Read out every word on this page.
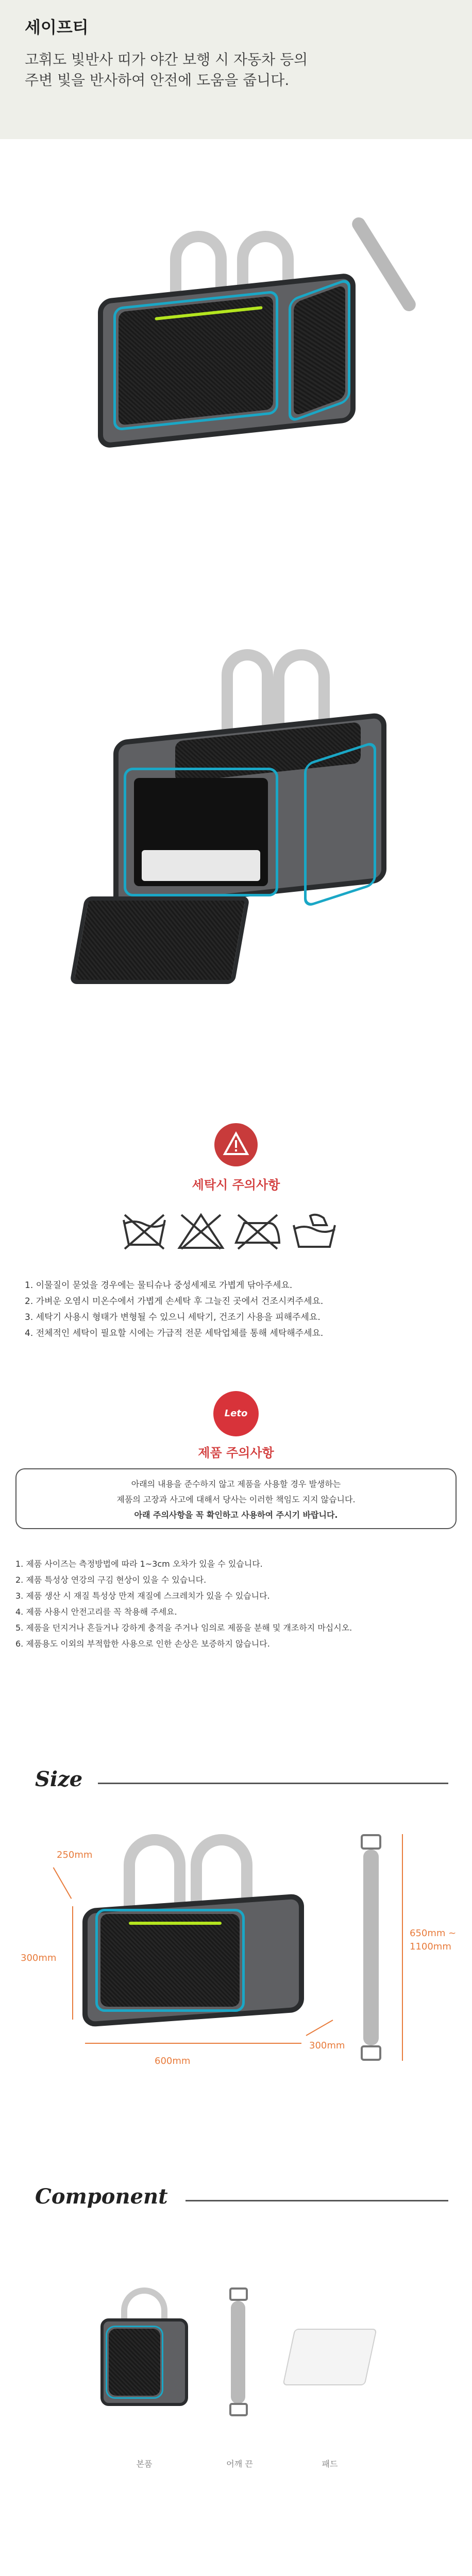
세이프티
고휘도 빛반사 띠가 야간 보행 시 자동차 등의
주변 빛을 반사하여 안전에 도움을 줍니다.
세탁시 주의사항
1. 이물질이 묻었을 경우에는 물티슈나 중성세제로 가볍게 닦아주세요.
2. 가벼운 오염시 미온수에서 가볍게 손세탁 후 그늘진 곳에서 건조시켜주세요.
3. 세탁기 사용시 형태가 변형될 수 있으니 세탁기, 건조기 사용을 피해주세요.
4. 전체적인 세탁이 필요할 시에는 가급적 전문 세탁업체를 통해 세탁해주세요.
Leto
제품 주의사항
아래의 내용을 준수하지 않고 제품을 사용할 경우 발생하는
제품의 고장과 사고에 대해서 당사는 이러한 책임도 지지 않습니다.
아래 주의사항을 꼭 확인하고 사용하여 주시기 바랍니다.
1. 제품 사이즈는 측정방법에 따라 1~3cm 오차가 있을 수 있습니다.
2. 제품 특성상 연강의 구김 현상이 있을 수 있습니다.
3. 제품 생산 시 재질 특성상 만져 재질에 스크레치가 있을 수 있습니다.
4. 제품 사용시 안전고리를 꼭 착용해 주세요.
5. 제품을 던지거나 흔들거나 강하게 충격을 주거나 임의로 제품을 분해 및 개조하지 마십시오.
6. 제품용도 이외의 부적합한 사용으로 인한 손상은 보증하지 않습니다.
Size
250mm
300mm
600mm
300mm
650mm ~
1100mm
Component
본품	어깨 끈	패드
